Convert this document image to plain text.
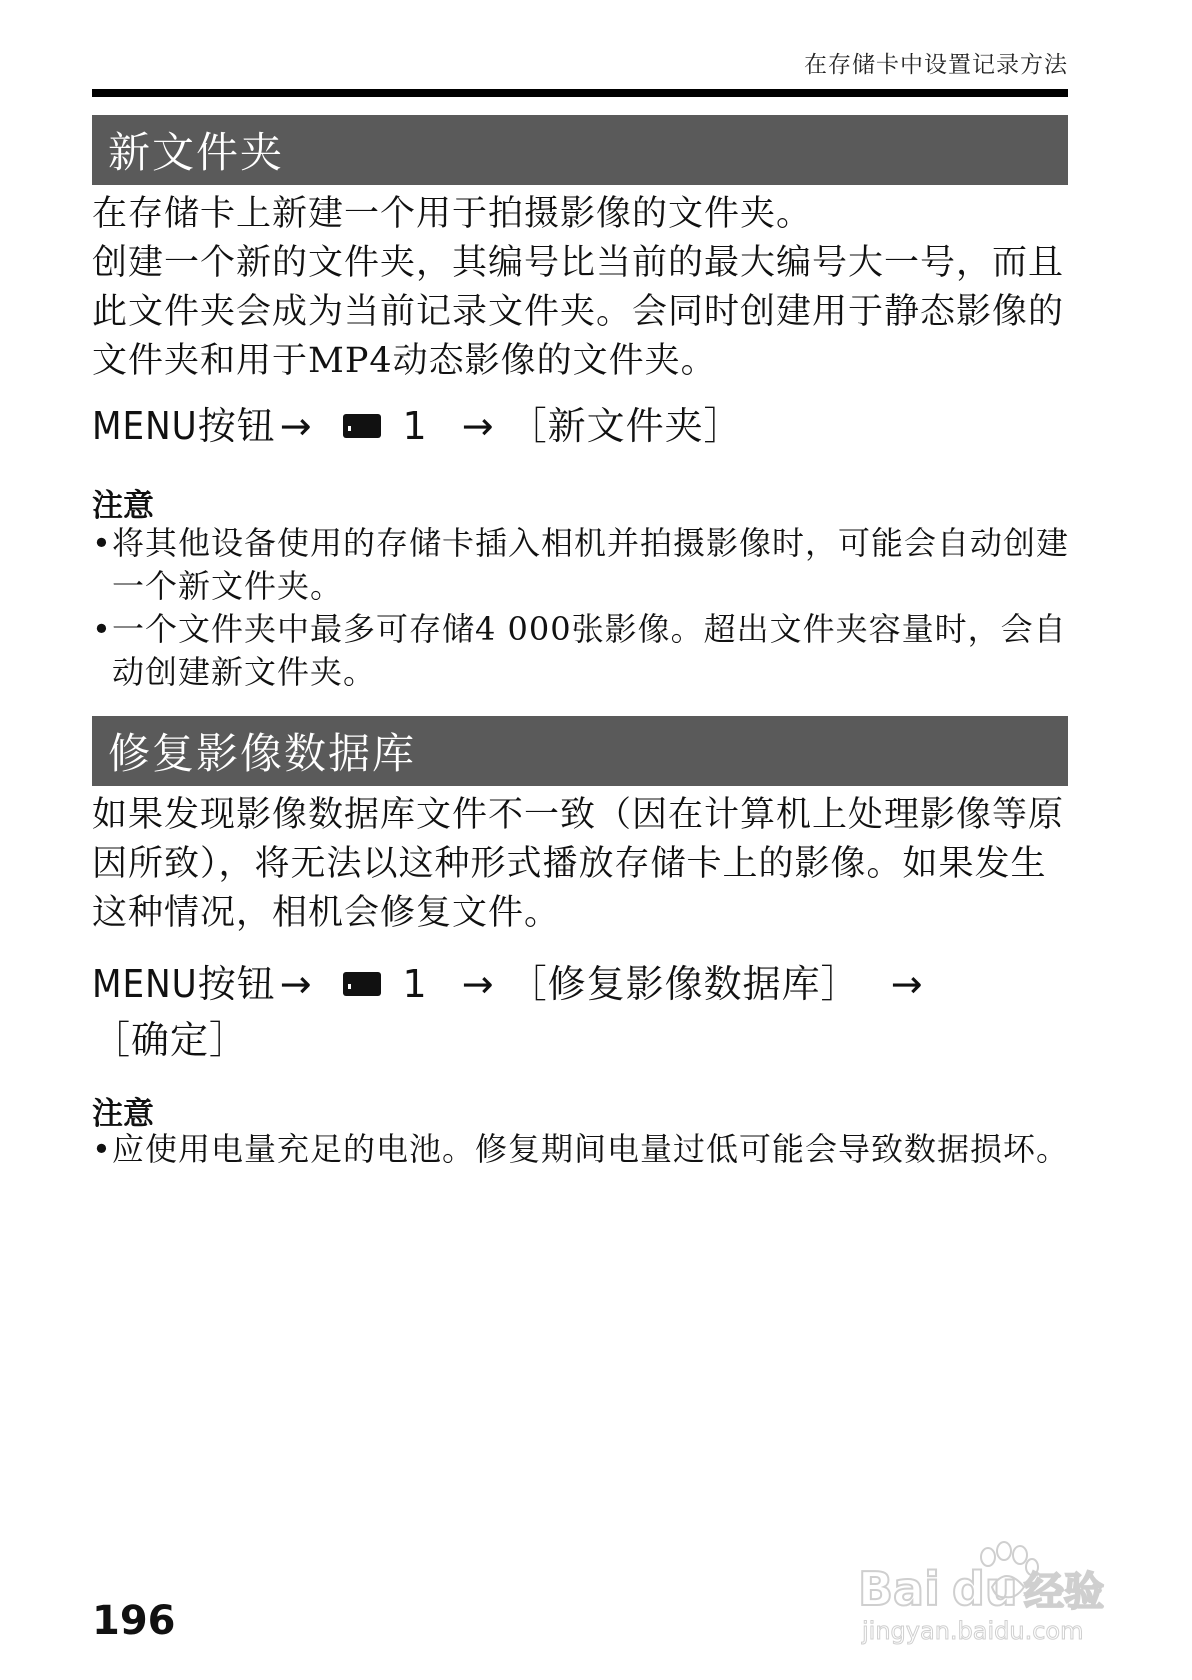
在存储卡中设置记录方法
新文件夹

在存储卡上新建一个用于拍摄影像的文件夹。

创建一个新的文件夹，其编号比当前的最大编号大一号，而且此文件夹会成为当前记录文件夹。会同时创建用于静态影像的文件夹和用于MP4动态影像的文件夹。

MENU按钮 → 1 → ［新文件夹］
注意
• 将其他设备使用的存储卡插入相机并拍摄影像时，可能会自动创建一个新文件夹。
• 一个文件夹中最多可存储4 000张影像。超出文件夹容量时，会自动创建新文件夹。
修复影像数据库

如果发现影像数据库文件不一致（因在计算机上处理影像等原因所致），将无法以这种形式播放存储卡上的影像。如果发生这种情况，相机会修复文件。

MENU按钮 → 1 → ［修复影像数据库］ →
［确定］
注意
• 应使用电量充足的电池。修复期间电量过低可能会导致数据损坏。
196
Bai du 经验
jingyan.baidu.com
